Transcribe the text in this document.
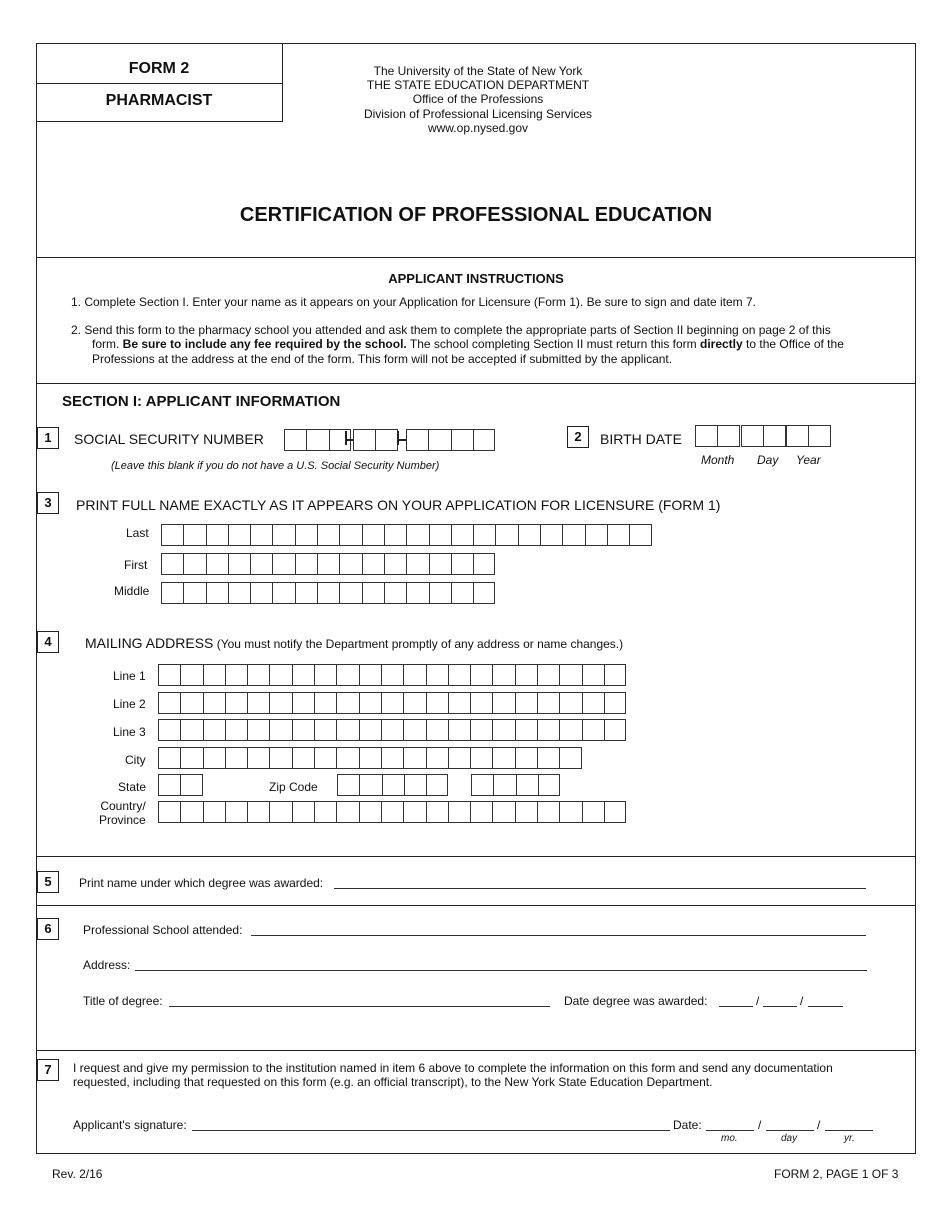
FORM 2
PHARMACIST
The University of the State of New York
THE STATE EDUCATION DEPARTMENT
Office of the Professions
Division of Professional Licensing Services
www.op.nysed.gov
CERTIFICATION OF PROFESSIONAL EDUCATION
APPLICANT INSTRUCTIONS
1. Complete Section I. Enter your name as it appears on your Application for Licensure (Form 1). Be sure to sign and date item 7.
2. Send this form to the pharmacy school you attended and ask them to complete the appropriate parts of Section II beginning on page 2 of this
form. Be sure to include any fee required by the school. The school completing Section II must return this form directly to the Office of the
Professions at the address at the end of the form. This form will not be accepted if submitted by the applicant.
SECTION I: APPLICANT INFORMATION
1	SOCIAL SECURITY NUMBER
(Leave this blank if you do not have a U.S. Social Security Number)
2	BIRTH DATE
Month Day Year
3	PRINT FULL NAME EXACTLY AS IT APPEARS ON YOUR APPLICATION FOR LICENSURE (FORM 1)
Last
First
Middle
4	MAILING ADDRESS (You must notify the Department promptly of any address or name changes.)
Line 1
Line 2
Line 3
City
State	Zip Code
Country/
Province
5	Print name under which degree was awarded:
6	Professional School attended:
Address:
Title of degree:	Date degree was awarded:	/	/
7	I request and give my permission to the institution named in item 6 above to complete the information on this form and send any documentation
requested, including that requested on this form (e.g. an official transcript), to the New York State Education Department.
Applicant's signature:	Date:	/	/
mo.	day	yr.
Rev. 2/16	FORM 2, PAGE 1 OF 3
